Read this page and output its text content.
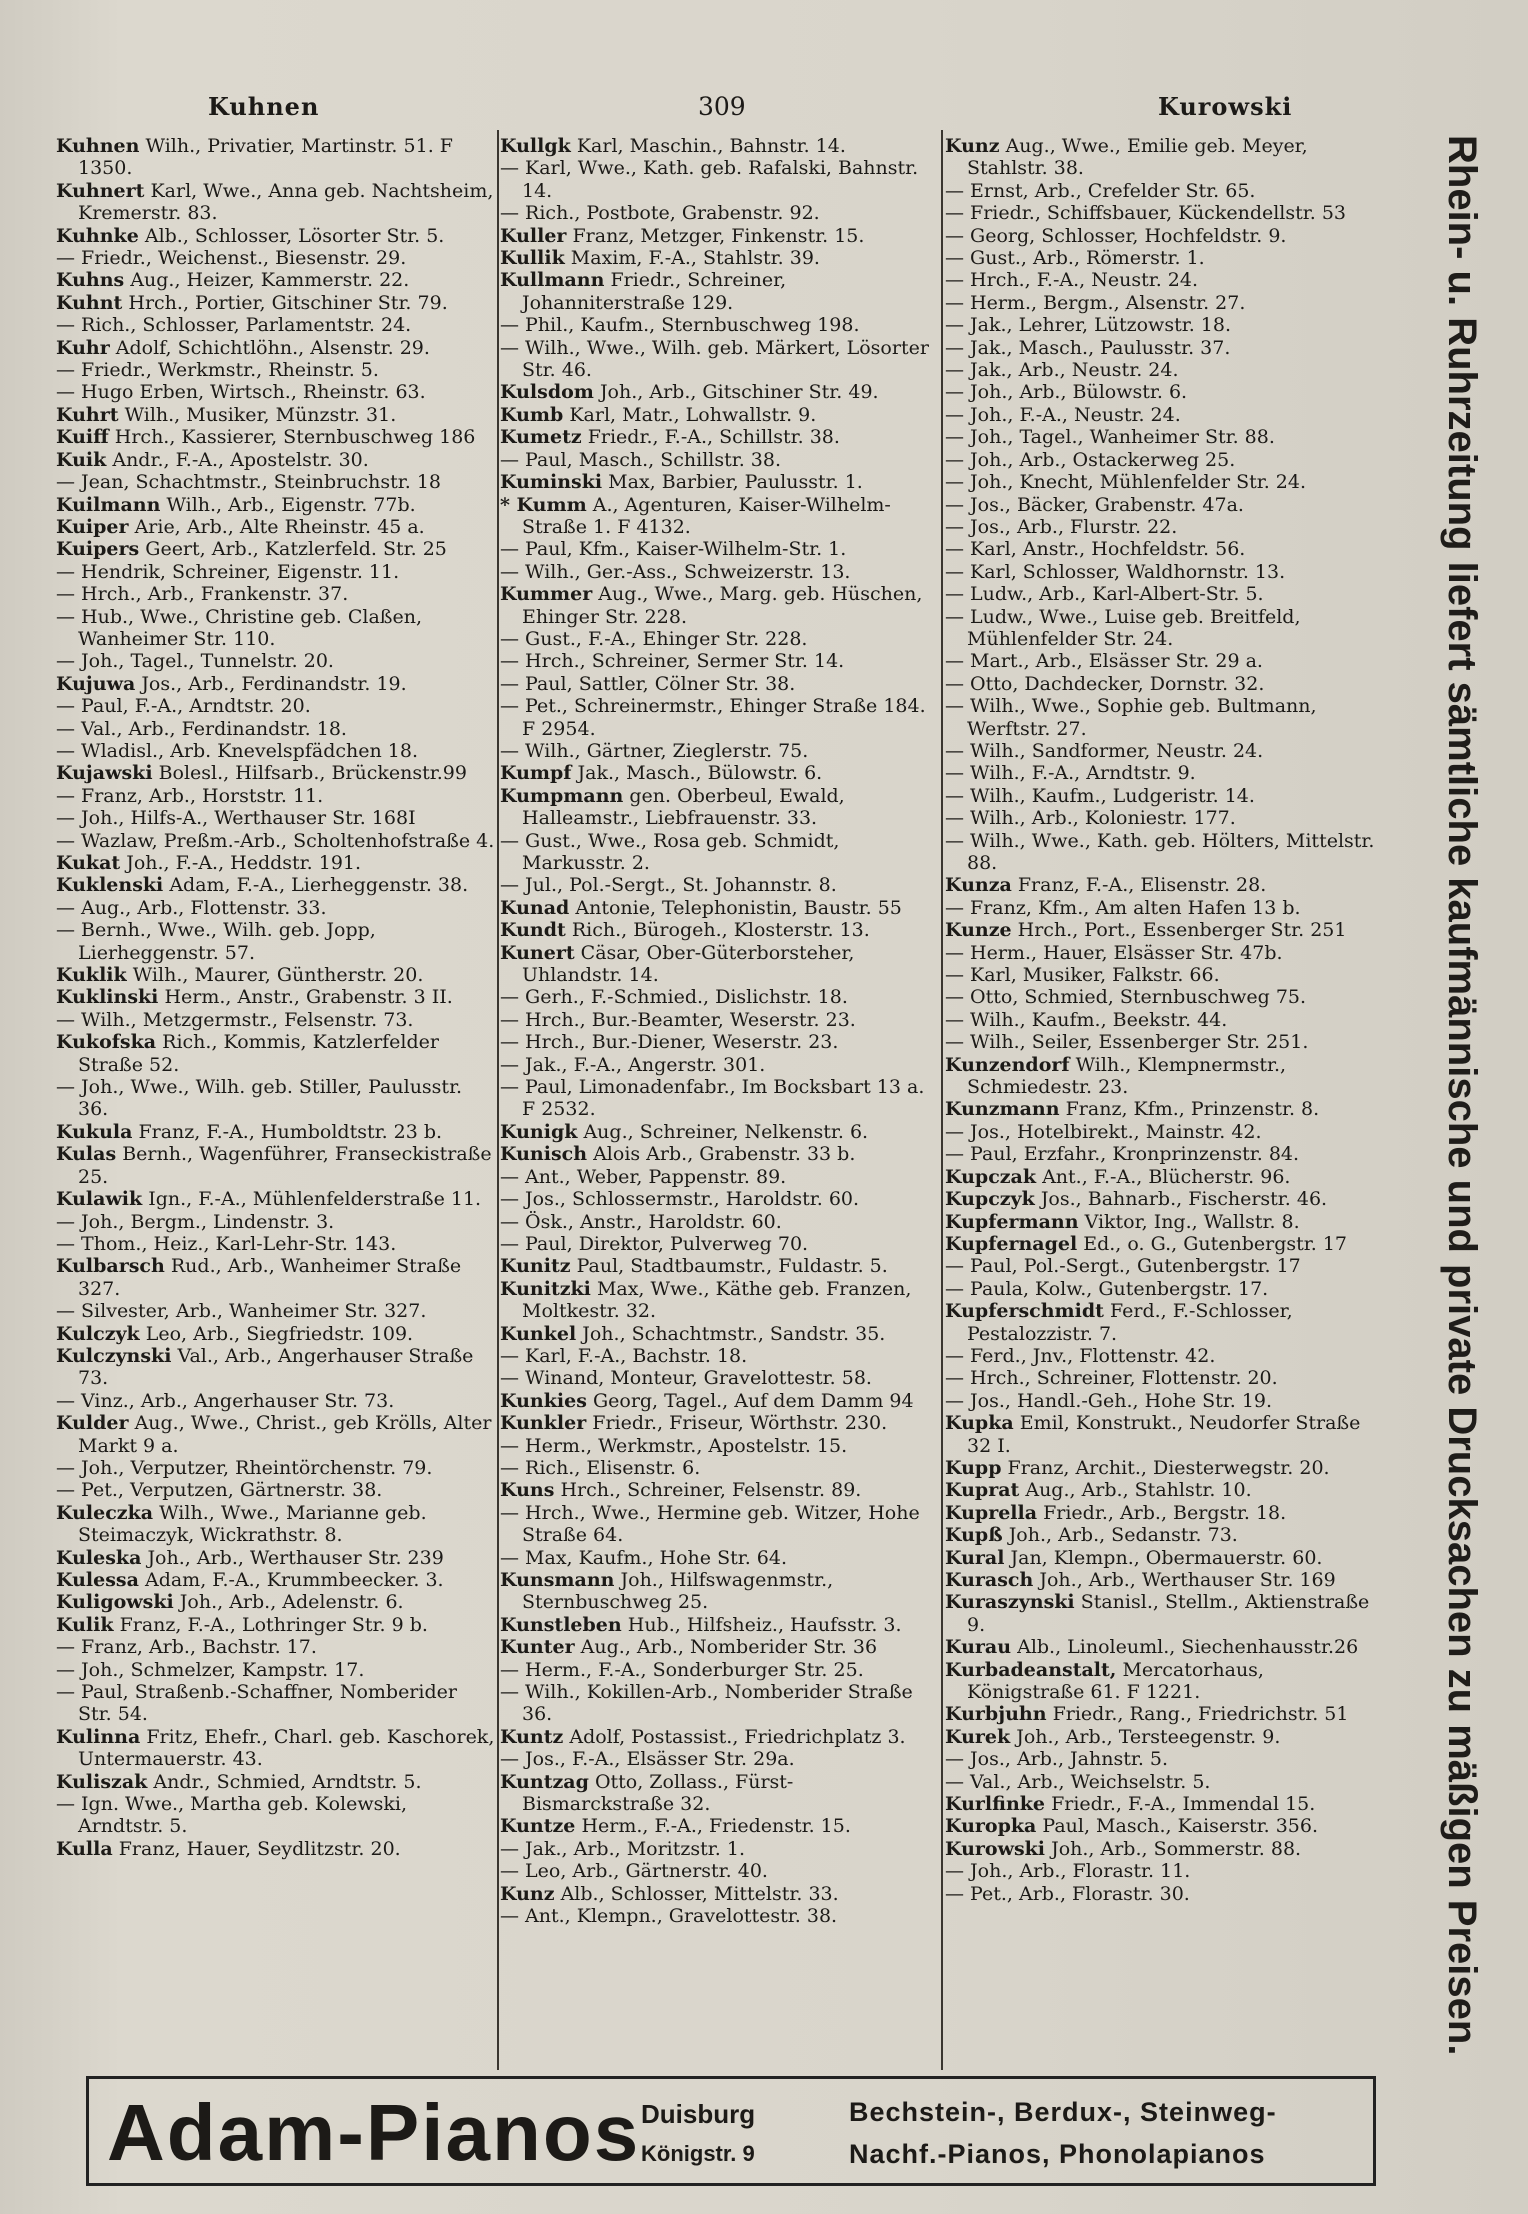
Kuhnen	309	Kurowski
Kuhnen Wilh., Privatier, Martinstr. 51. F 1350.
Kuhnert Karl, Wwe., Anna geb. Nachtsheim, Kremerstr. 83.
Kuhnke Alb., Schlosser, Lösorter Str. 5.
— Friedr., Weichenst., Biesenstr. 29.
Kuhns Aug., Heizer, Kammerstr. 22.
Kuhnt Hrch., Portier, Gitschiner Str. 79.
— Rich., Schlosser, Parlamentstr. 24.
Kuhr Adolf, Schichtlöhn., Alsenstr. 29.
— Friedr., Werkmstr., Rheinstr. 5.
— Hugo Erben, Wirtsch., Rheinstr. 63.
Kuhrt Wilh., Musiker, Münzstr. 31.
Kuiff Hrch., Kassierer, Sternbuschweg 186
Kuik Andr., F.-A., Apostelstr. 30.
— Jean, Schachtmstr., Steinbruchstr. 18
Kuilmann Wilh., Arb., Eigenstr. 77b.
Kuiper Arie, Arb., Alte Rheinstr. 45 a.
Kuipers Geert, Arb., Katzlerfeld. Str. 25
— Hendrik, Schreiner, Eigenstr. 11.
— Hrch., Arb., Frankenstr. 37.
— Hub., Wwe., Christine geb. Claßen, Wanheimer Str. 110.
— Joh., Tagel., Tunnelstr. 20.
Kujuwa Jos., Arb., Ferdinandstr. 19.
— Paul, F.-A., Arndtstr. 20.
— Val., Arb., Ferdinandstr. 18.
— Wladisl., Arb. Knevelspfädchen 18.
Kujawski Bolesl., Hilfsarb., Brückenstr.99
— Franz, Arb., Horststr. 11.
— Joh., Hilfs-A., Werthauser Str. 168I
— Wazlaw, Preßm.-Arb., Scholtenhofstraße 4.
Kukat Joh., F.-A., Heddstr. 191.
Kuklenski Adam, F.-A., Lierheggenstr. 38.
— Aug., Arb., Flottenstr. 33.
— Bernh., Wwe., Wilh. geb. Jopp, Lierheggenstr. 57.
Kuklik Wilh., Maurer, Güntherstr. 20.
Kuklinski Herm., Anstr., Grabenstr. 3 II.
— Wilh., Metzgermstr., Felsenstr. 73.
Kukofska Rich., Kommis, Katzlerfelder Straße 52.
— Joh., Wwe., Wilh. geb. Stiller, Paulusstr. 36.
Kukula Franz, F.-A., Humboldtstr. 23 b.
Kulas Bernh., Wagenführer, Franseckistraße 25.
Kulawik Ign., F.-A., Mühlenfelderstraße 11.
— Joh., Bergm., Lindenstr. 3.
— Thom., Heiz., Karl-Lehr-Str. 143.
Kulbarsch Rud., Arb., Wanheimer Straße 327.
— Silvester, Arb., Wanheimer Str. 327.
Kulczyk Leo, Arb., Siegfriedstr. 109.
Kulczynski Val., Arb., Angerhauser Straße 73.
— Vinz., Arb., Angerhauser Str. 73.
Kulder Aug., Wwe., Christ., geb Krölls, Alter Markt 9 a.
— Joh., Verputzer, Rheintörchenstr. 79.
— Pet., Verputzen, Gärtnerstr. 38.
Kuleczka Wilh., Wwe., Marianne geb. Steimaczyk, Wickrathstr. 8.
Kuleska Joh., Arb., Werthauser Str. 239
Kulessa Adam, F.-A., Krummbeecker. 3.
Kuligowski Joh., Arb., Adelenstr. 6.
Kulik Franz, F.-A., Lothringer Str. 9 b.
— Franz, Arb., Bachstr. 17.
— Joh., Schmelzer, Kampstr. 17.
— Paul, Straßenb.-Schaffner, Nomberider Str. 54.
Kulinna Fritz, Ehefr., Charl. geb. Kaschorek, Untermauerstr. 43.
Kuliszak Andr., Schmied, Arndtstr. 5.
— Ign. Wwe., Martha geb. Kolewski, Arndtstr. 5.
Kulla Franz, Hauer, Seydlitzstr. 20.
Kullgk Karl, Maschin., Bahnstr. 14.
— Karl, Wwe., Kath. geb. Rafalski, Bahnstr. 14.
— Rich., Postbote, Grabenstr. 92.
Kuller Franz, Metzger, Finkenstr. 15.
Kullik Maxim, F.-A., Stahlstr. 39.
Kullmann Friedr., Schreiner, Johanniterstraße 129.
— Phil., Kaufm., Sternbuschweg 198.
— Wilh., Wwe., Wilh. geb. Märkert, Lösorter Str. 46.
Kulsdom Joh., Arb., Gitschiner Str. 49.
Kumb Karl, Matr., Lohwallstr. 9.
Kumetz Friedr., F.-A., Schillstr. 38.
— Paul, Masch., Schillstr. 38.
Kuminski Max, Barbier, Paulusstr. 1.
* Kumm A., Agenturen, Kaiser-Wilhelm-Straße 1. F 4132.
— Paul, Kfm., Kaiser-Wilhelm-Str. 1.
— Wilh., Ger.-Ass., Schweizerstr. 13.
Kummer Aug., Wwe., Marg. geb. Hüschen, Ehinger Str. 228.
— Gust., F.-A., Ehinger Str. 228.
— Hrch., Schreiner, Sermer Str. 14.
— Paul, Sattler, Cölner Str. 38.
— Pet., Schreinermstr., Ehinger Straße 184. F 2954.
— Wilh., Gärtner, Zieglerstr. 75.
Kumpf Jak., Masch., Bülowstr. 6.
Kumpmann gen. Oberbeul, Ewald, Halleamstr., Liebfrauenstr. 33.
— Gust., Wwe., Rosa geb. Schmidt, Markusstr. 2.
— Jul., Pol.-Sergt., St. Johannstr. 8.
Kunad Antonie, Telephonistin, Baustr. 55
Kundt Rich., Bürogeh., Klosterstr. 13.
Kunert Cäsar, Ober-Güterborsteher, Uhlandstr. 14.
— Gerh., F.-Schmied., Dislichstr. 18.
— Hrch., Bur.-Beamter, Weserstr. 23.
— Hrch., Bur.-Diener, Weserstr. 23.
— Jak., F.-A., Angerstr. 301.
— Paul, Limonadenfabr., Im Bocksbart 13 a. F 2532.
Kunigk Aug., Schreiner, Nelkenstr. 6.
Kunisch Alois Arb., Grabenstr. 33 b.
— Ant., Weber, Pappenstr. 89.
— Jos., Schlossermstr., Haroldstr. 60.
— Ösk., Anstr., Haroldstr. 60.
— Paul, Direktor, Pulverweg 70.
Kunitz Paul, Stadtbaumstr., Fuldastr. 5.
Kunitzki Max, Wwe., Käthe geb. Franzen, Moltkestr. 32.
Kunkel Joh., Schachtmstr., Sandstr. 35.
— Karl, F.-A., Bachstr. 18.
— Winand, Monteur, Gravelottestr. 58.
Kunkies Georg, Tagel., Auf dem Damm 94
Kunkler Friedr., Friseur, Wörthstr. 230.
— Herm., Werkmstr., Apostelstr. 15.
— Rich., Elisenstr. 6.
Kuns Hrch., Schreiner, Felsenstr. 89.
— Hrch., Wwe., Hermine geb. Witzer, Hohe Straße 64.
— Max, Kaufm., Hohe Str. 64.
Kunsmann Joh., Hilfswagenmstr., Sternbuschweg 25.
Kunstleben Hub., Hilfsheiz., Haufsstr. 3.
Kunter Aug., Arb., Nomberider Str. 36
— Herm., F.-A., Sonderburger Str. 25.
— Wilh., Kokillen-Arb., Nomberider Straße 36.
Kuntz Adolf, Postassist., Friedrichplatz 3.
— Jos., F.-A., Elsässer Str. 29a.
Kuntzag Otto, Zollass., Fürst-Bismarckstraße 32.
Kuntze Herm., F.-A., Friedenstr. 15.
— Jak., Arb., Moritzstr. 1.
— Leo, Arb., Gärtnerstr. 40.
Kunz Alb., Schlosser, Mittelstr. 33.
— Ant., Klempn., Gravelottestr. 38.
Kunz Aug., Wwe., Emilie geb. Meyer, Stahlstr. 38.
— Ernst, Arb., Crefelder Str. 65.
— Friedr., Schiffsbauer, Kückendellstr. 53
— Georg, Schlosser, Hochfeldstr. 9.
— Gust., Arb., Römerstr. 1.
— Hrch., F.-A., Neustr. 24.
— Herm., Bergm., Alsenstr. 27.
— Jak., Lehrer, Lützowstr. 18.
— Jak., Masch., Paulusstr. 37.
— Jak., Arb., Neustr. 24.
— Joh., Arb., Bülowstr. 6.
— Joh., F.-A., Neustr. 24.
— Joh., Tagel., Wanheimer Str. 88.
— Joh., Arb., Ostackerweg 25.
— Joh., Knecht, Mühlenfelder Str. 24.
— Jos., Bäcker, Grabenstr. 47a.
— Jos., Arb., Flurstr. 22.
— Karl, Anstr., Hochfeldstr. 56.
— Karl, Schlosser, Waldhornstr. 13.
— Ludw., Arb., Karl-Albert-Str. 5.
— Ludw., Wwe., Luise geb. Breitfeld, Mühlenfelder Str. 24.
— Mart., Arb., Elsässer Str. 29 a.
— Otto, Dachdecker, Dornstr. 32.
— Wilh., Wwe., Sophie geb. Bultmann, Werftstr. 27.
— Wilh., Sandformer, Neustr. 24.
— Wilh., F.-A., Arndtstr. 9.
— Wilh., Kaufm., Ludgeristr. 14.
— Wilh., Arb., Koloniestr. 177.
— Wilh., Wwe., Kath. geb. Hölters, Mittelstr. 88.
Kunza Franz, F.-A., Elisenstr. 28.
— Franz, Kfm., Am alten Hafen 13 b.
Kunze Hrch., Port., Essenberger Str. 251
— Herm., Hauer, Elsässer Str. 47b.
— Karl, Musiker, Falkstr. 66.
— Otto, Schmied, Sternbuschweg 75.
— Wilh., Kaufm., Beekstr. 44.
— Wilh., Seiler, Essenberger Str. 251.
Kunzendorf Wilh., Klempnermstr., Schmiedestr. 23.
Kunzmann Franz, Kfm., Prinzenstr. 8.
— Jos., Hotelbirekt., Mainstr. 42.
— Paul, Erzfahr., Kronprinzenstr. 84.
Kupczak Ant., F.-A., Blücherstr. 96.
Kupczyk Jos., Bahnarb., Fischerstr. 46.
Kupfermann Viktor, Ing., Wallstr. 8.
Kupfernagel Ed., o. G., Gutenbergstr. 17
— Paul, Pol.-Sergt., Gutenbergstr. 17
— Paula, Kolw., Gutenbergstr. 17.
Kupferschmidt Ferd., F.-Schlosser, Pestalozzistr. 7.
— Ferd., Jnv., Flottenstr. 42.
— Hrch., Schreiner, Flottenstr. 20.
— Jos., Handl.-Geh., Hohe Str. 19.
Kupka Emil, Konstrukt., Neudorfer Straße 32 I.
Kupp Franz, Archit., Diesterwegstr. 20.
Kuprat Aug., Arb., Stahlstr. 10.
Kuprella Friedr., Arb., Bergstr. 18.
Kupß Joh., Arb., Sedanstr. 73.
Kural Jan, Klempn., Obermauerstr. 60.
Kurasch Joh., Arb., Werthauser Str. 169
Kuraszynski Stanisl., Stellm., Aktienstraße 9.
Kurau Alb., Linoleuml., Siechenhausstr.26
Kurbadeanstalt, Mercatorhaus, Königstraße 61. F 1221.
Kurbjuhn Friedr., Rang., Friedrichstr. 51
Kurek Joh., Arb., Tersteegenstr. 9.
— Jos., Arb., Jahnstr. 5.
— Val., Arb., Weichselstr. 5.
Kurlfinke Friedr., F.-A., Immendal 15.
Kuropka Paul, Masch., Kaiserstr. 356.
Kurowski Joh., Arb., Sommerstr. 88.
— Joh., Arb., Florastr. 11.
— Pet., Arb., Florastr. 30.	Rhein- u. Ruhrzeitung liefert sämtliche kaufmännische und private Drucksachen zu mäßigen Preisen.
Adam-Pianos Duisburg
Königstr. 9
Bechstein-, Berdux-, Steinweg-
Nachf.-Pianos, Phonolapianos
